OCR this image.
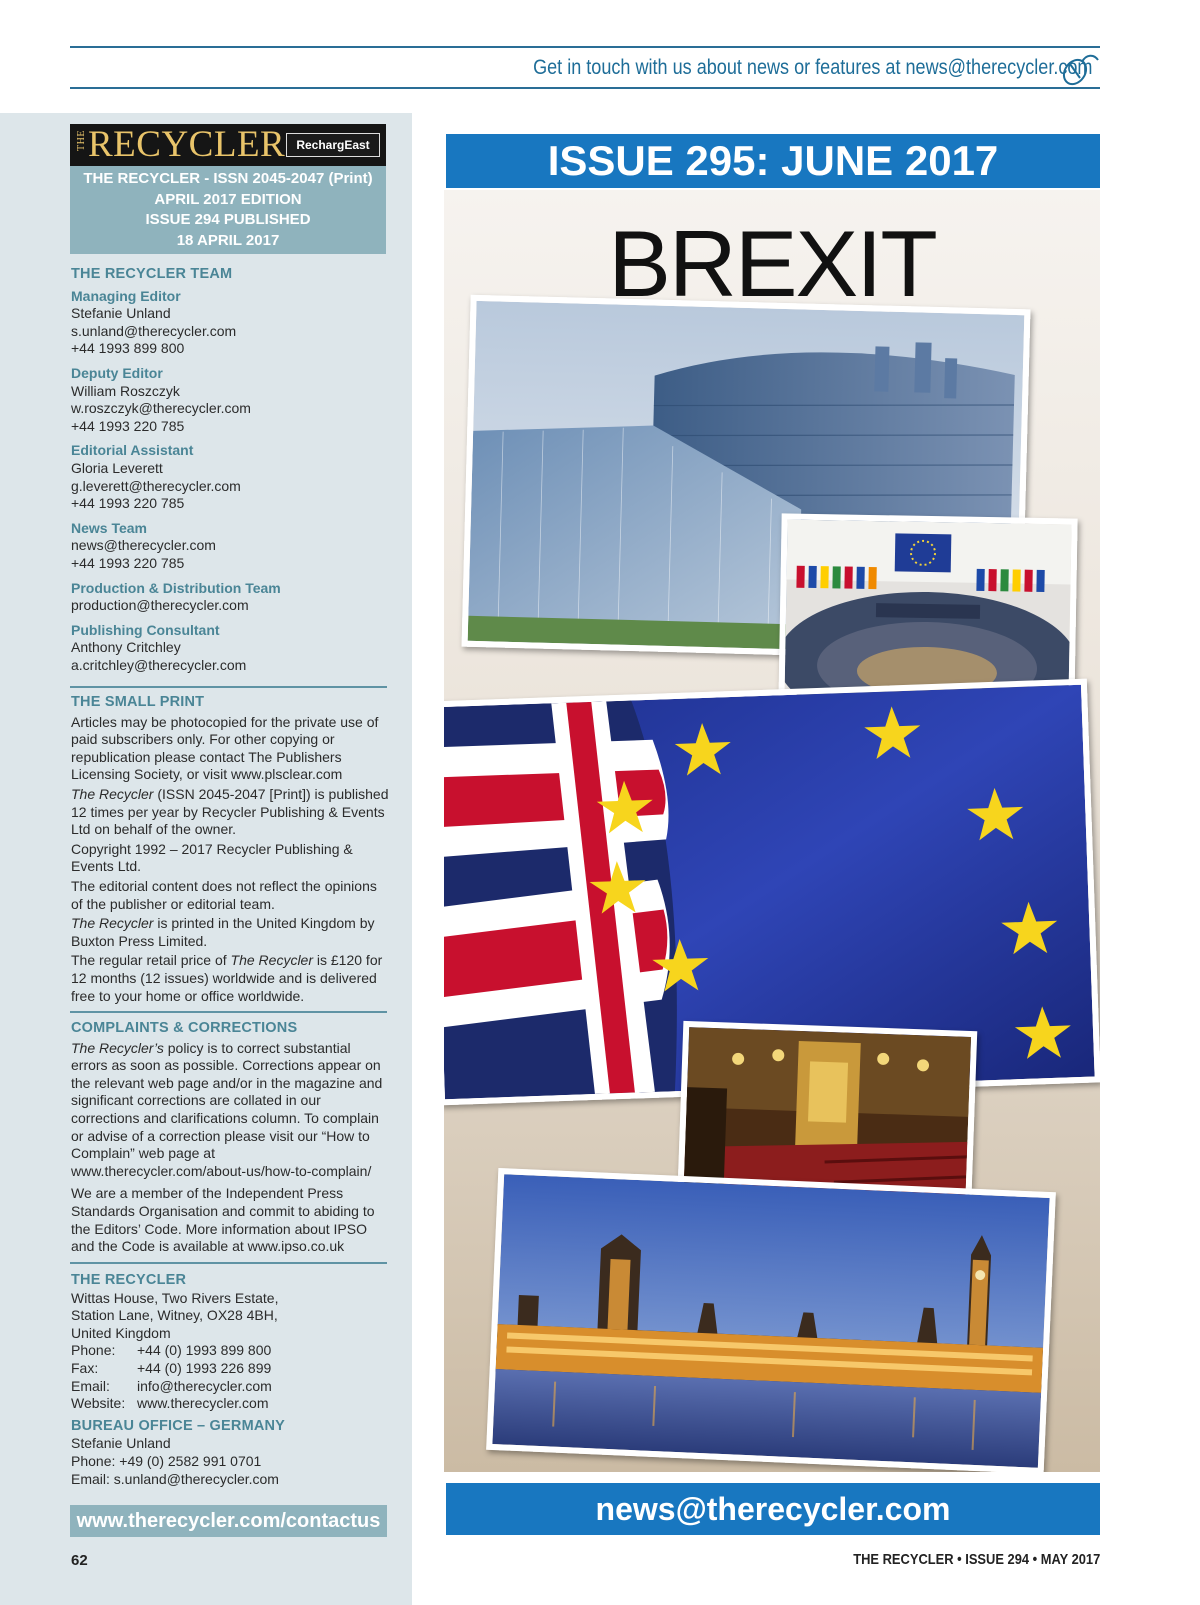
Get in touch with us about news or features at news@therecycler.com
THE RECYCLER RechargEast
THE RECYCLER - ISSN 2045-2047 (Print)
APRIL 2017 EDITION
ISSUE 294 PUBLISHED
18 APRIL 2017
THE RECYCLER TEAM
Managing Editor
Stefanie Unland
s.unland@therecycler.com
+44 1993 899 800
Deputy Editor
William Roszczyk
w.roszczyk@therecycler.com
+44 1993 220 785
Editorial Assistant
Gloria Leverett
g.leverett@therecycler.com
+44 1993 220 785
News Team
news@therecycler.com
+44 1993 220 785
Production & Distribution Team
production@therecycler.com
Publishing Consultant
Anthony Critchley
a.critchley@therecycler.com
THE SMALL PRINT
Articles may be photocopied for the private use of paid subscribers only. For other copying or republication please contact The Publishers Licensing Society, or visit www.plsclear.com
The Recycler (ISSN 2045-2047 [Print]) is published 12 times per year by Recycler Publishing & Events Ltd on behalf of the owner.
Copyright 1992 – 2017 Recycler Publishing & Events Ltd.
The editorial content does not reflect the opinions of the publisher or editorial team.
The Recycler is printed in the United Kingdom by Buxton Press Limited.
The regular retail price of The Recycler is £120 for 12 months (12 issues) worldwide and is delivered free to your home or office worldwide.
COMPLAINTS & CORRECTIONS
The Recycler’s policy is to correct substantial errors as soon as possible. Corrections appear on the relevant web page and/or in the magazine and significant corrections are collated in our corrections and clarifications column. To complain or advise of a correction please visit our “How to Complain” web page at www.therecycler.com/about-us/how-to-complain/
We are a member of the Independent Press Standards Organisation and commit to abiding to the Editors’ Code. More information about IPSO and the Code is available at www.ipso.co.uk
THE RECYCLER
Wittas House, Two Rivers Estate,
Station Lane, Witney, OX28 4BH,
United Kingdom
Phone:	+44 (0) 1993 899 800
Fax:	+44 (0) 1993 226 899
Email:	info@therecycler.com
Website: www.therecycler.com
BUREAU OFFICE – GERMANY
Stefanie Unland
Phone: +49 (0) 2582 991 0701
Email: s.unland@therecycler.com
www.therecycler.com/contactus
62	THE RECYCLER • ISSUE 294 • MAY 2017
ISSUE 295: JUNE 2017
BREXIT
news@therecycler.com
